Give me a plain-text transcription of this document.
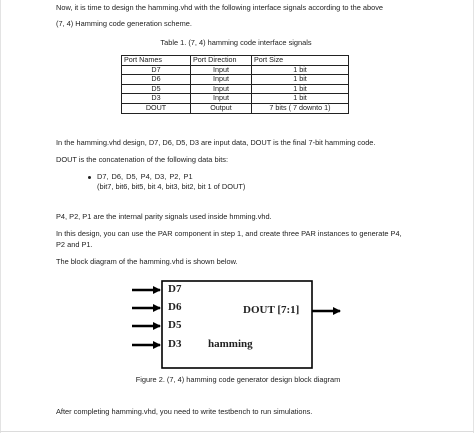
Now, it is time to design the hamming.vhd with the following interface signals according to the above
(7, 4) Hamming code generation scheme.
Table 1. (7, 4) hamming code interface signals
Port Names	Port Direction	Port Size
D7	Input	1 bit
D6	Input	1 bit
D5	Input	1 bit
D3	Input	1 bit
DOUT	Output	7 bits ( 7 downto 1)
In the hamming.vhd design, D7, D6, D5, D3 are input data, DOUT is the final 7-bit hamming code.
DOUT is the concatenation of the following data bits:
D7, D6, D5, P4, D3, P2, P1
(bit7, bit6, bit5, bit 4, bit3, bit2, bit 1 of DOUT)
P4, P2, P1 are the internal parity signals used inside hmming.vhd.
In this design, you can use the PAR component in step 1, and create three PAR instances to generate P4,
P2 and P1.
The block diagram of the hamming.vhd is shown below.
D7
D6
D5
D3
DOUT [7:1]
hamming
Figure 2. (7, 4) hamming code generator design block diagram
After completing hamming.vhd, you need to write testbench to run simulations.
